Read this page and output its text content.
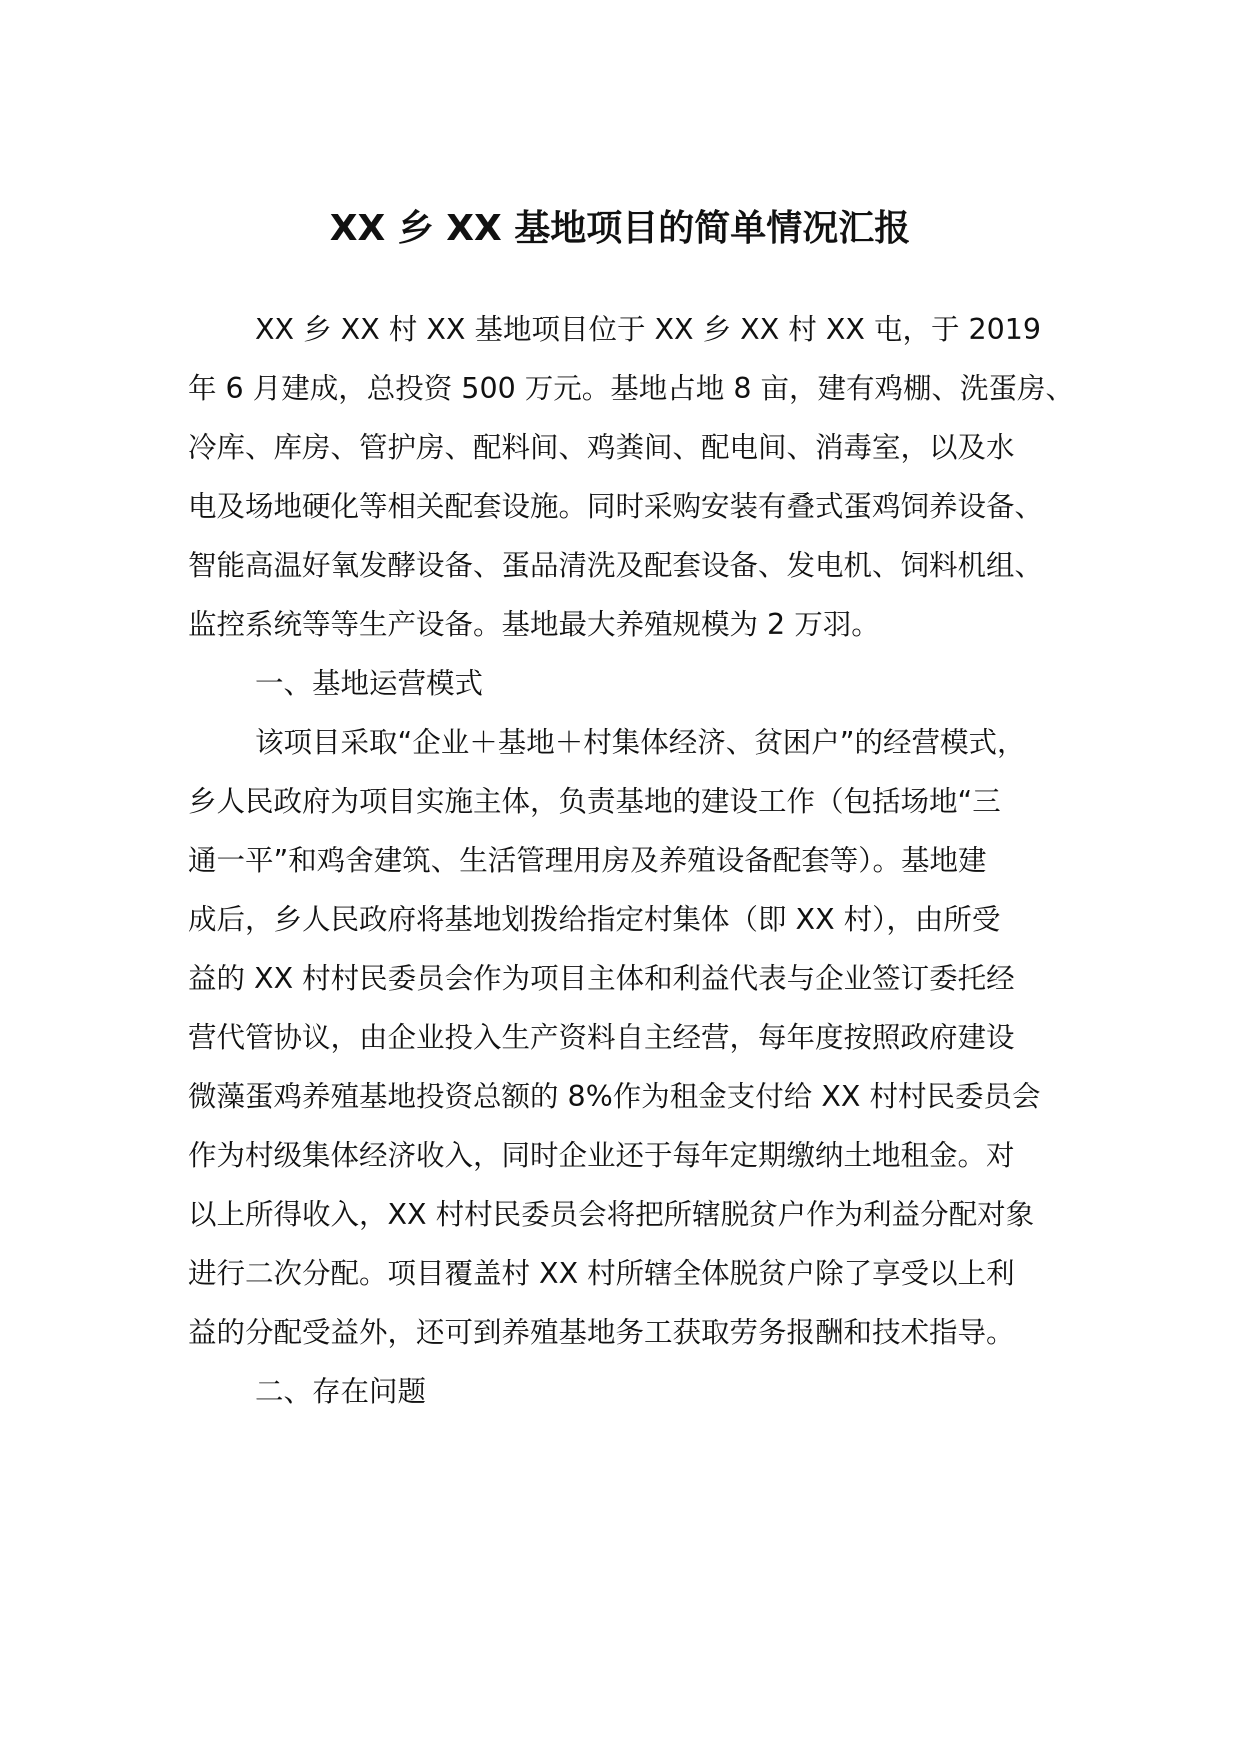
XX 乡 XX 基地项目的简单情况汇报
XX 乡 XX 村 XX 基地项目位于 XX 乡 XX 村 XX 屯，于 2019
年 6 月建成，总投资 500 万元。基地占地 8 亩，建有鸡棚、洗蛋房、
冷库、库房、管护房、配料间、鸡粪间、配电间、消毒室，以及水
电及场地硬化等相关配套设施。同时采购安装有叠式蛋鸡饲养设备、
智能高温好氧发酵设备、蛋品清洗及配套设备、发电机、饲料机组、
监控系统等等生产设备。基地最大养殖规模为 2 万羽。
一、基地运营模式
该项目采取“企业＋基地＋村集体经济、贫困户”的经营模式，
乡人民政府为项目实施主体，负责基地的建设工作（包括场地“三
通一平”和鸡舍建筑、生活管理用房及养殖设备配套等）。基地建
成后，乡人民政府将基地划拨给指定村集体（即 XX 村），由所受
益的 XX 村村民委员会作为项目主体和利益代表与企业签订委托经
营代管协议，由企业投入生产资料自主经营，每年度按照政府建设
微藻蛋鸡养殖基地投资总额的 8%作为租金支付给 XX 村村民委员会
作为村级集体经济收入，同时企业还于每年定期缴纳土地租金。对
以上所得收入，XX 村村民委员会将把所辖脱贫户作为利益分配对象
进行二次分配。项目覆盖村 XX 村所辖全体脱贫户除了享受以上利
益的分配受益外，还可到养殖基地务工获取劳务报酬和技术指导。
二、存在问题
